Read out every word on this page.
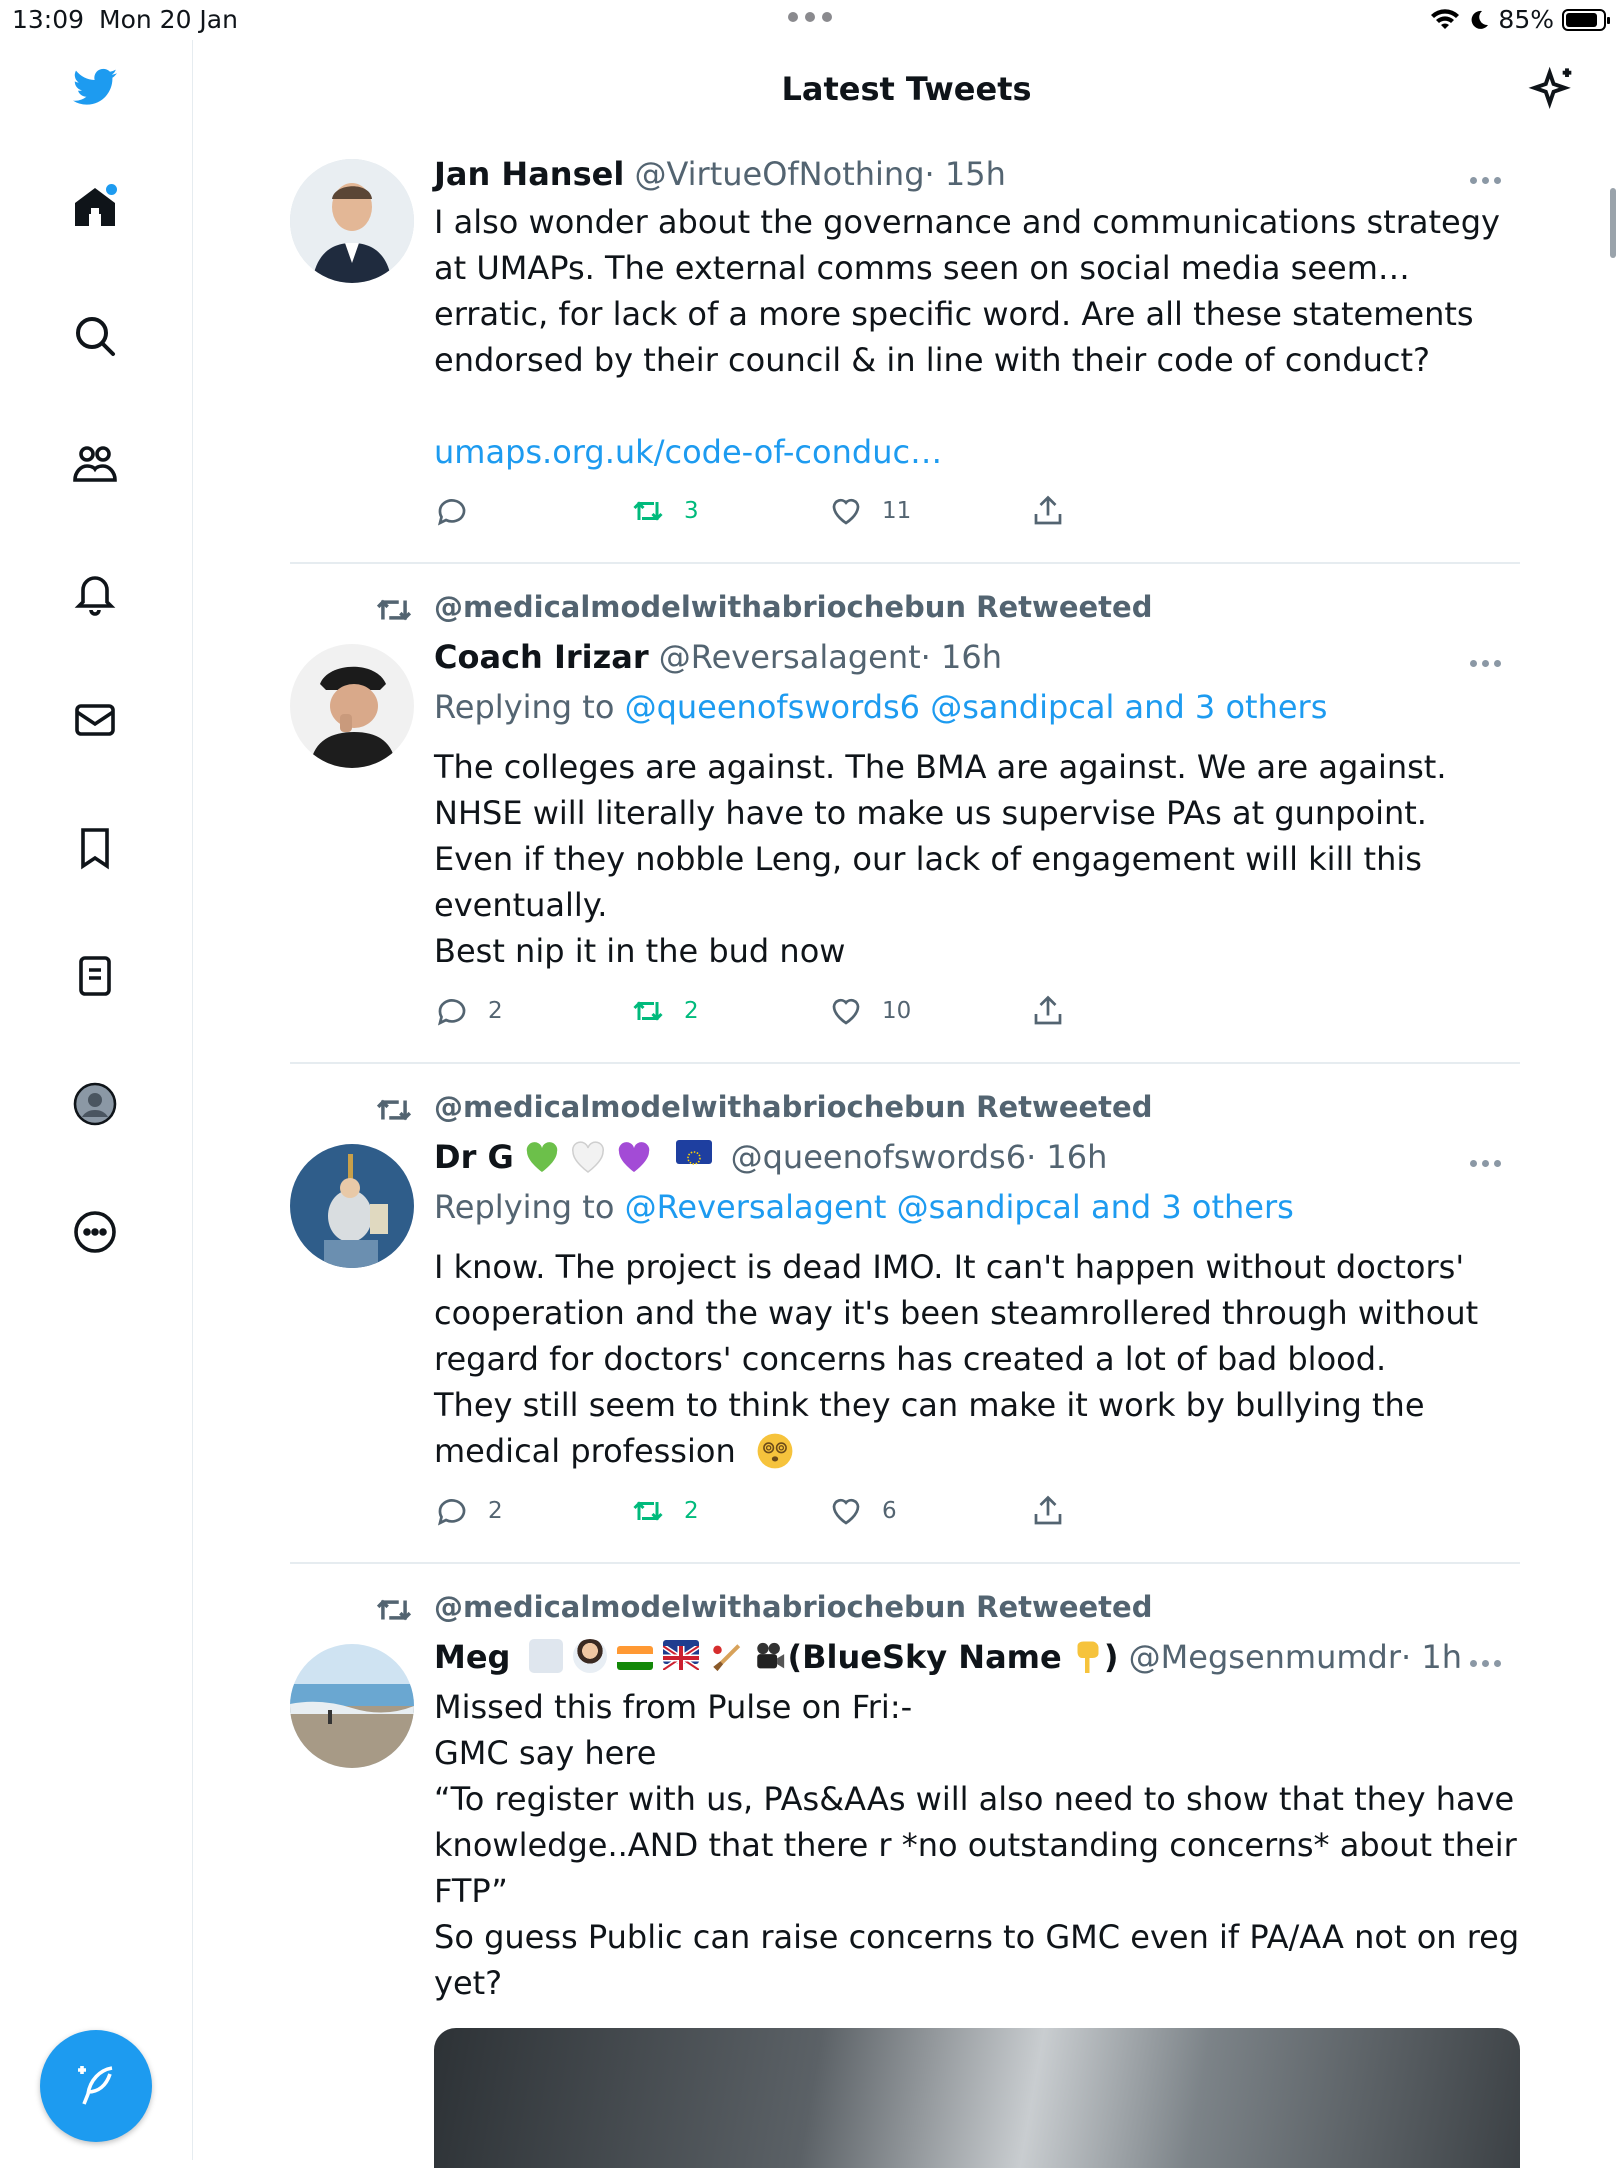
13:09 Mon 20 Jan	85%
Latest Tweets
Jan Hansel @VirtueOfNothing· 15h

I also wonder about the governance and communications strategy at UMAPs. The external comms seen on social media seem… erratic, for lack of a more specific word. Are all these statements endorsed by their council & in line with their code of conduct?

umaps.org.uk/code-of-conduc…

3	11
@medicalmodelwithabriochebun Retweeted
Coach Irizar @Reversalagent· 16h
Replying to @queenofswords6 @sandipcal and 3 others

The colleges are against. The BMA are against. We are against. NHSE will literally have to make us supervise PAs at gunpoint.

Even if they nobble Leng, our lack of engagement will kill this eventually.

Best nip it in the bud now

2	2	10
@medicalmodelwithabriochebun Retweeted
Dr G	@queenofswords6· 16h
Replying to @Reversalagent @sandipcal and 3 others

I know. The project is dead IMO. It can't happen without doctors' cooperation and the way it's been steamrollered through without regard for doctors' concerns has created a lot of bad blood.

They still seem to think they can make it work by bullying the medical profession

2	2	6
@medicalmodelwithabriochebun Retweeted
Meg	(BlueSky Name ) @Megsenmumdr· 1h

Missed this from Pulse on Fri:-

GMC say here

“To register with us, PAs&AAs will also need to show that they have knowledge..AND that there r *no outstanding concerns* about their FTP”

So guess Public can raise concerns to GMC even if PA/AA not on reg yet?
